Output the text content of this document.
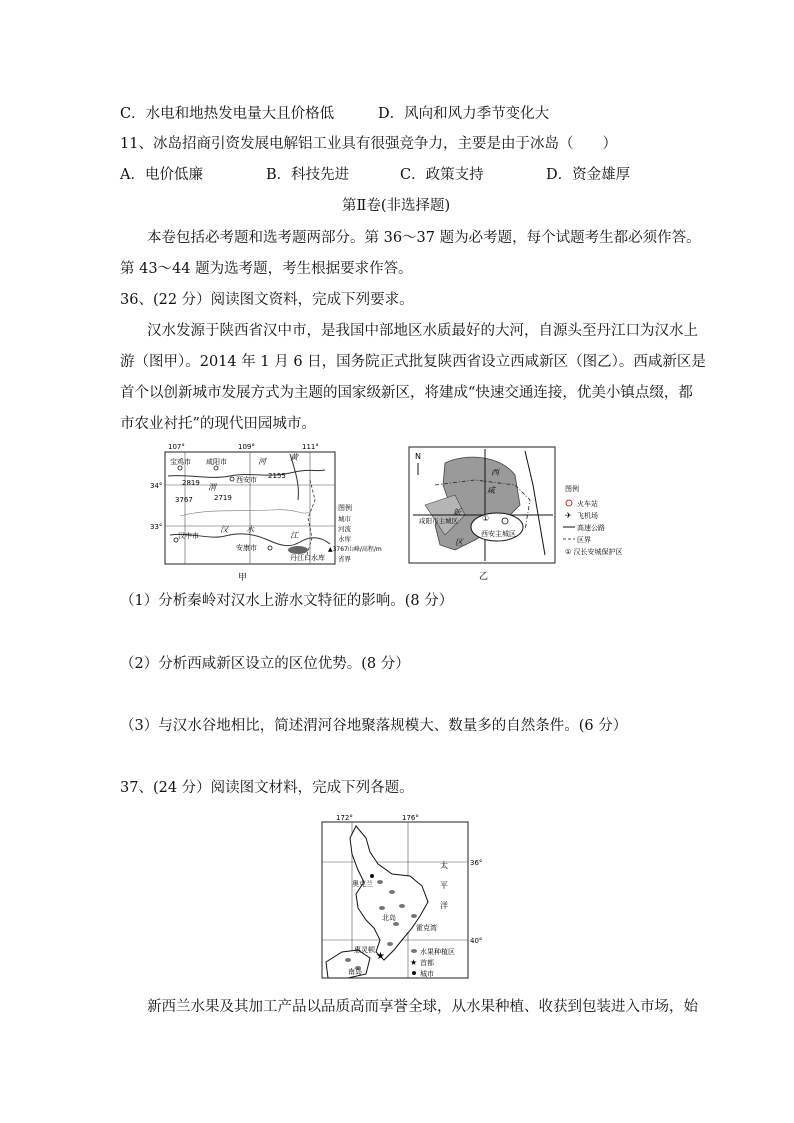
C．水电和地热发电量大且价格低	D．风向和风力季节变化大
11、冰岛招商引资发展电解铝工业具有很强竞争力，主要是由于冰岛（　　）
A．电价低廉	B．科技先进	C．政策支持	D．资金雄厚
第Ⅱ卷(非选择题)
本卷包括必考题和选考题两部分。第 36～37 题为必考题，每个试题考生都必须作答。
第 43～44 题为选考题，考生根据要求作答。
36、(22 分）阅读图文资料，完成下列要求。
汉水发源于陕西省汉中市，是我国中部地区水质最好的大河，自源头至丹江口为汉水上
游（图甲）。2014 年 1 月 6 日，国务院正式批复陕西省设立西咸新区（图乙）。西咸新区是
首个以创新城市发展方式为主题的国家级新区，将建成“快速交通连接，优美小镇点缀，都
市农业衬托”的现代田园城市。
107°	109°	111°
34°
33°
宝鸡市 咸阳市
西安市
汉中市
安康市
2819
3767	2719
2155
渭
河	黄
汉
江
水
丹江口水库
图例
城市
河流
水库
▲3767山峰/高程/m
省界
甲
N
①
西安主城区
咸阳市主城区
西
咸
新
区
图例
火车站
✈ 飞机场
高速公路
区界
① 汉长安城保护区
乙
（1）分析秦岭对汉水上游水文特征的影响。(8 分）
（2）分析西咸新区设立的区位优势。(8 分）
（3）与汉水谷地相比，简述渭河谷地聚落规模大、数量多的自然条件。(6 分）
37、(24 分）阅读图文材料，完成下列各题。
172°	176°
36°
40°
★
奥克兰
北岛
霍克湾
惠灵顿
南岛
太
平
洋
水果种植区
★ 首都
城市
新西兰水果及其加工产品以品质高而享誉全球，从水果种植、收获到包装进入市场，始
